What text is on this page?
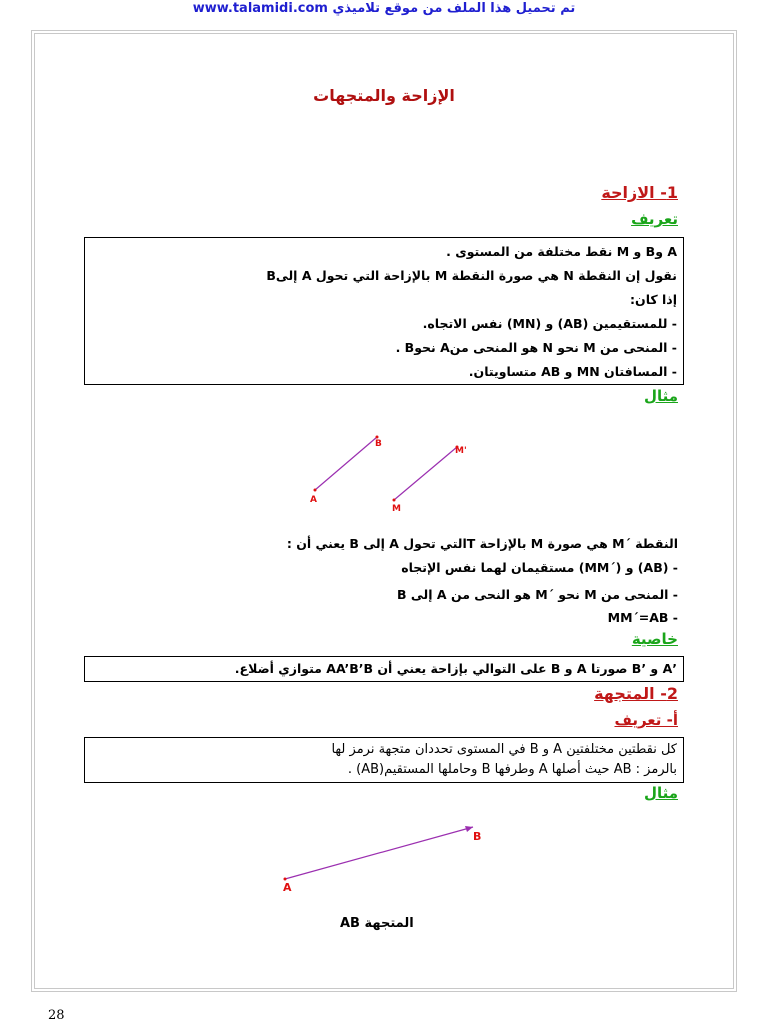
تم تحميل هذا الملف من موقع تلاميذي www.talamidi.com
الإزاحة والمتجهات
1- الازاحة
تعريف
A وB و M نقط مختلفة من المستوى .
نقول إن النقطة N هي صورة النقطة M بالإزاحة التي تحول A إلىB
إذا كان:
- للمستقيمين (AB) و (MN) نفس الاتجاه.
- المنحى من M نحو N هو المنحى منA نحوB .
- المسافتان MN و AB متساويتان.
مثال
B
M'
A
M
النقطة ´M هي صورة M بالإزاحة Tالتي تحول A إلى B يعني أن :
- (AB) و (´MM) مستقيمان لهما نفس الإتجاه
- المنحى من M نحو ´M هو النحى من A إلى B
- MM´=AB
خاصية
’A و ’B صورتا A و B على التوالي بإزاحة يعني أن AA’B’B متوازي أضلاع.
2- المتجهة
أ- تعريف
كل نقطتين مختلفتين A و B في المستوى تحددان متجهة نرمز لها
بالرمز : AB حيث أصلها A وطرفها B وحاملها المستقيم(AB) .
مثال
B
A
المتجهة AB
28
